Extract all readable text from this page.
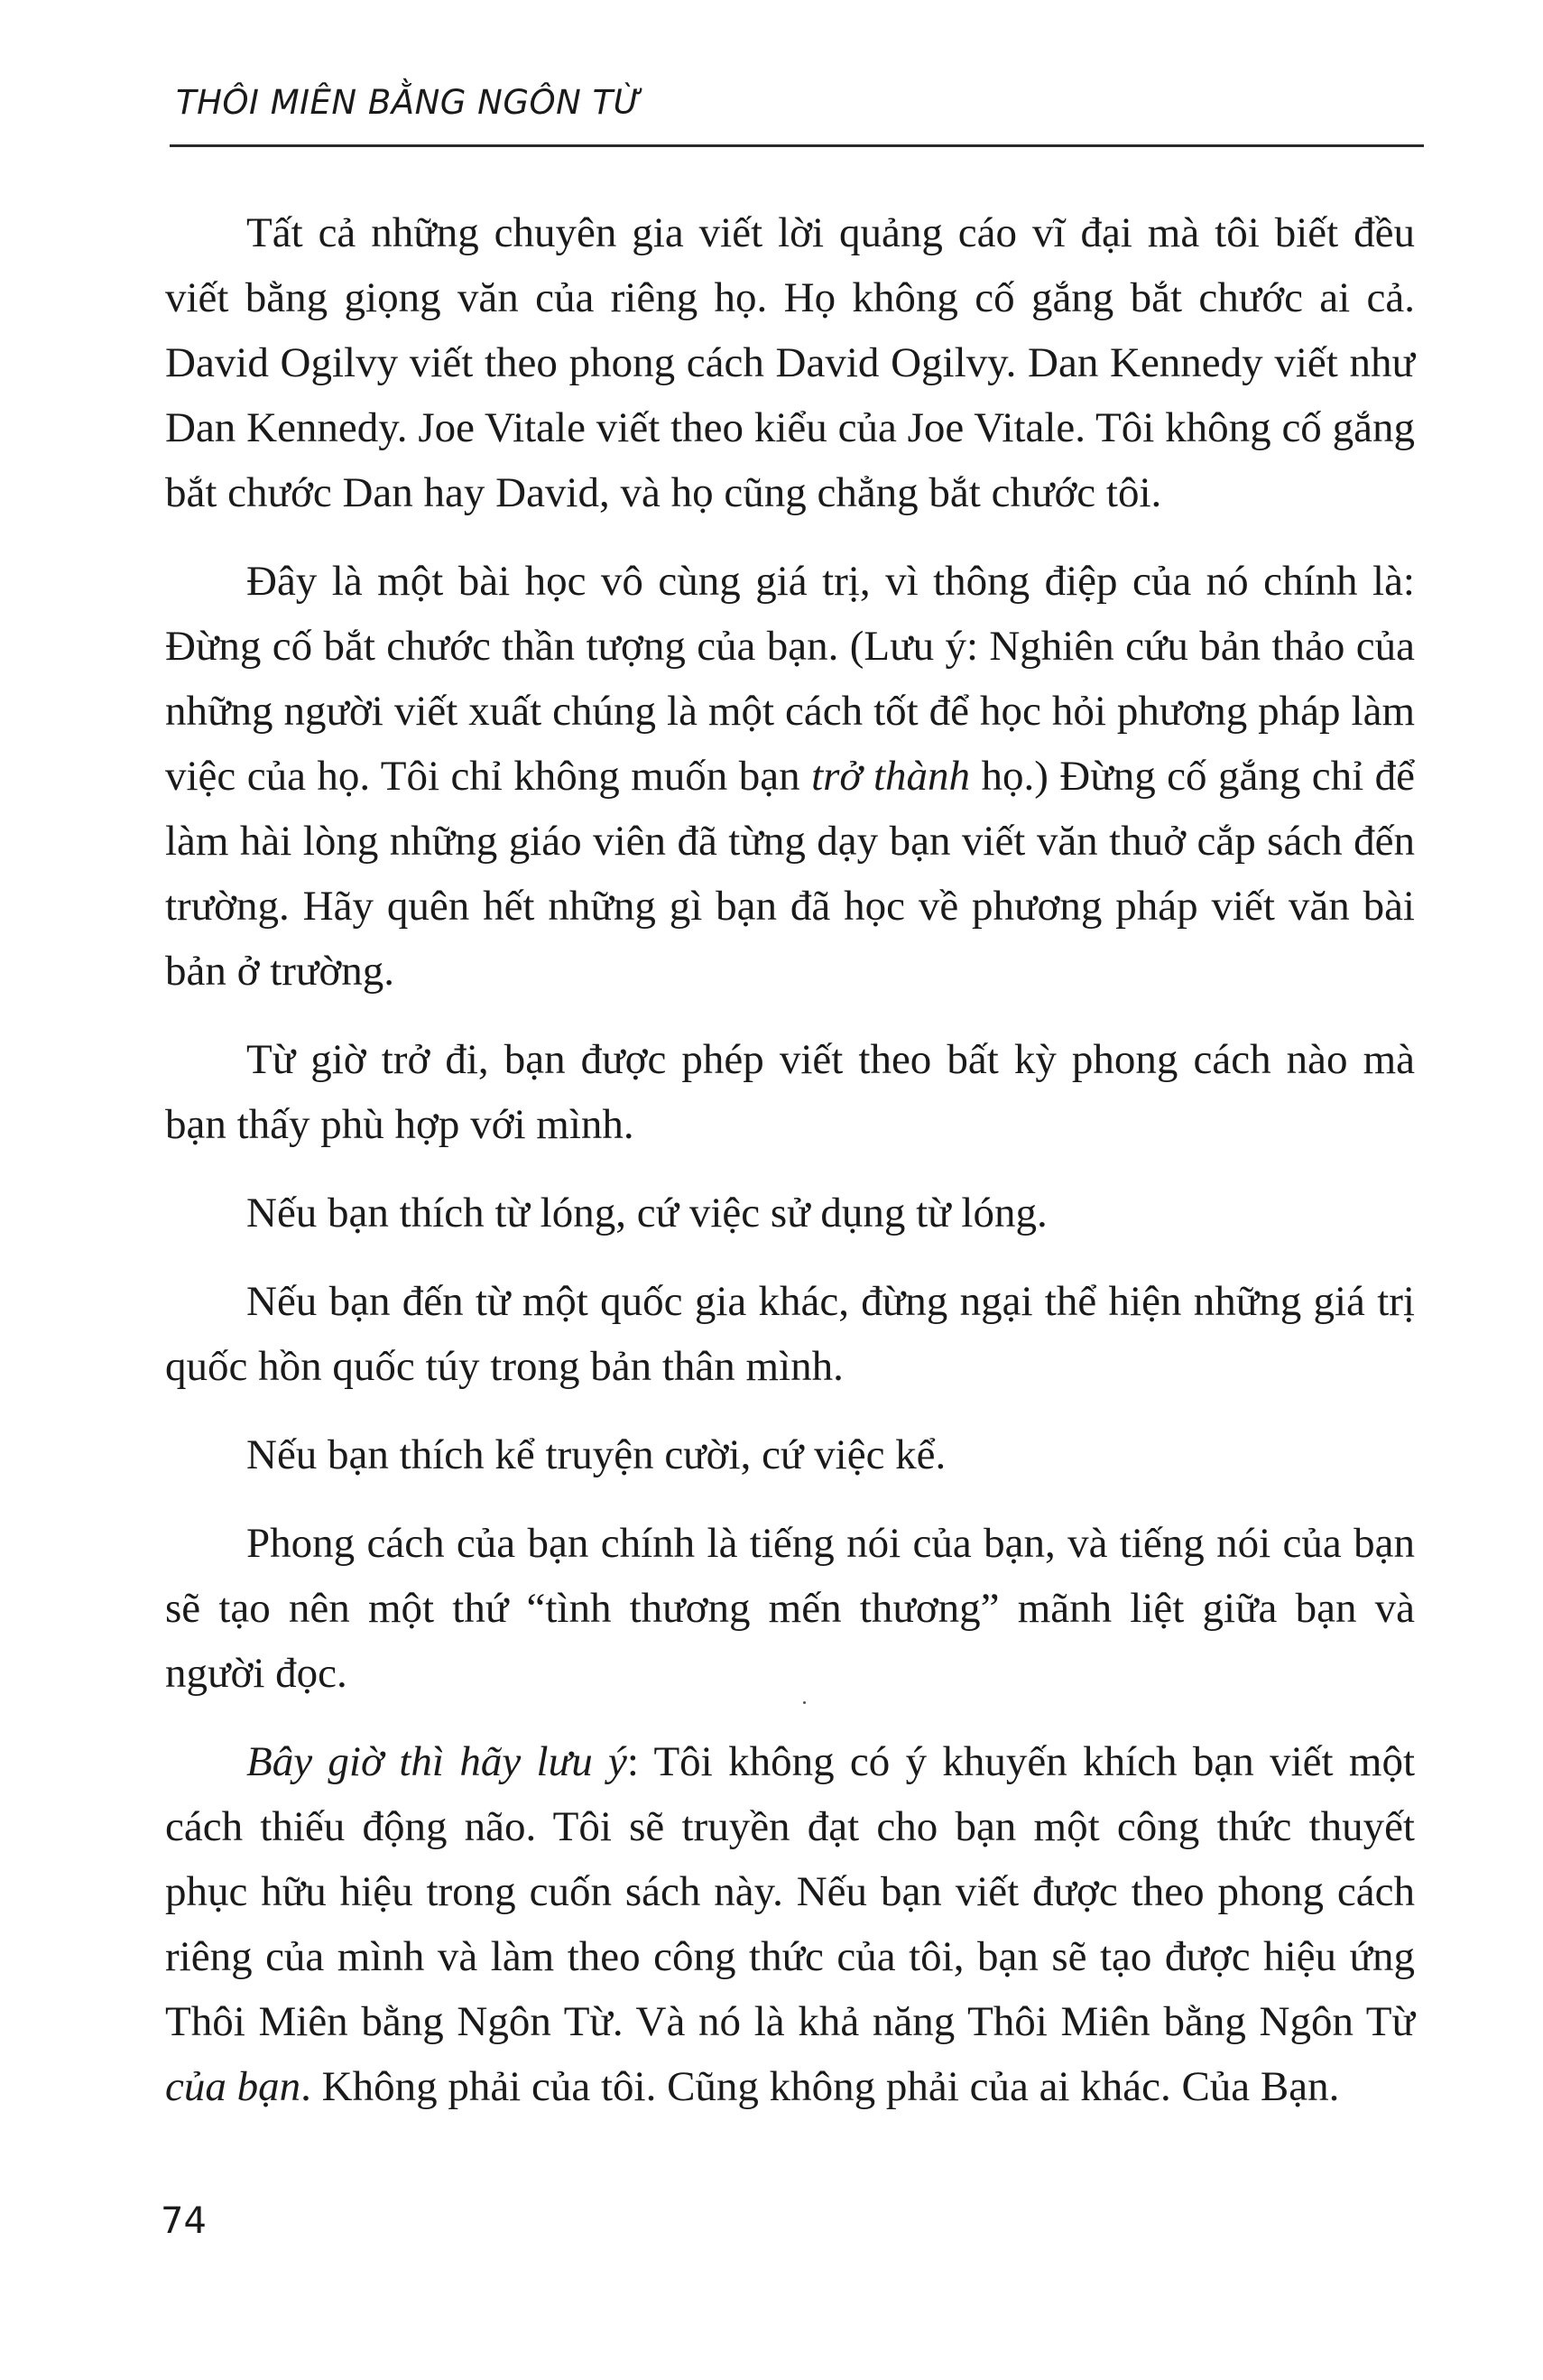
THÔI MIÊN BẰNG NGÔN TỪ

Tất cả những chuyên gia viết lời quảng cáo vĩ đại mà tôi biết đều viết bằng giọng văn của riêng họ. Họ không cố gắng bắt chước ai cả. David Ogilvy viết theo phong cách David Ogilvy. Dan Kennedy viết như Dan Kennedy. Joe Vitale viết theo kiểu của Joe Vitale. Tôi không cố gắng bắt chước Dan hay David, và họ cũng chẳng bắt chước tôi.

Đây là một bài học vô cùng giá trị, vì thông điệp của nó chính là: Đừng cố bắt chước thần tượng của bạn. (Lưu ý: Nghiên cứu bản thảo của những người viết xuất chúng là một cách tốt để học hỏi phương pháp làm việc của họ. Tôi chỉ không muốn bạn trở thành họ.) Đừng cố gắng chỉ để làm hài lòng những giáo viên đã từng dạy bạn viết văn thuở cắp sách đến trường. Hãy quên hết những gì bạn đã học về phương pháp viết văn bài bản ở trường.

Từ giờ trở đi, bạn được phép viết theo bất kỳ phong cách nào mà bạn thấy phù hợp với mình.

Nếu bạn thích từ lóng, cứ việc sử dụng từ lóng.

Nếu bạn đến từ một quốc gia khác, đừng ngại thể hiện những giá trị quốc hồn quốc túy trong bản thân mình.

Nếu bạn thích kể truyện cười, cứ việc kể.

Phong cách của bạn chính là tiếng nói của bạn, và tiếng nói của bạn sẽ tạo nên một thứ “tình thương mến thương” mãnh liệt giữa bạn và người đọc.

Bây giờ thì hãy lưu ý: Tôi không có ý khuyến khích bạn viết một cách thiếu động não. Tôi sẽ truyền đạt cho bạn một công thức thuyết phục hữu hiệu trong cuốn sách này. Nếu bạn viết được theo phong cách riêng của mình và làm theo công thức của tôi, bạn sẽ tạo được hiệu ứng Thôi Miên bằng Ngôn Từ. Và nó là khả năng Thôi Miên bằng Ngôn Từ của bạn. Không phải của tôi. Cũng không phải của ai khác. Của Bạn.

74
